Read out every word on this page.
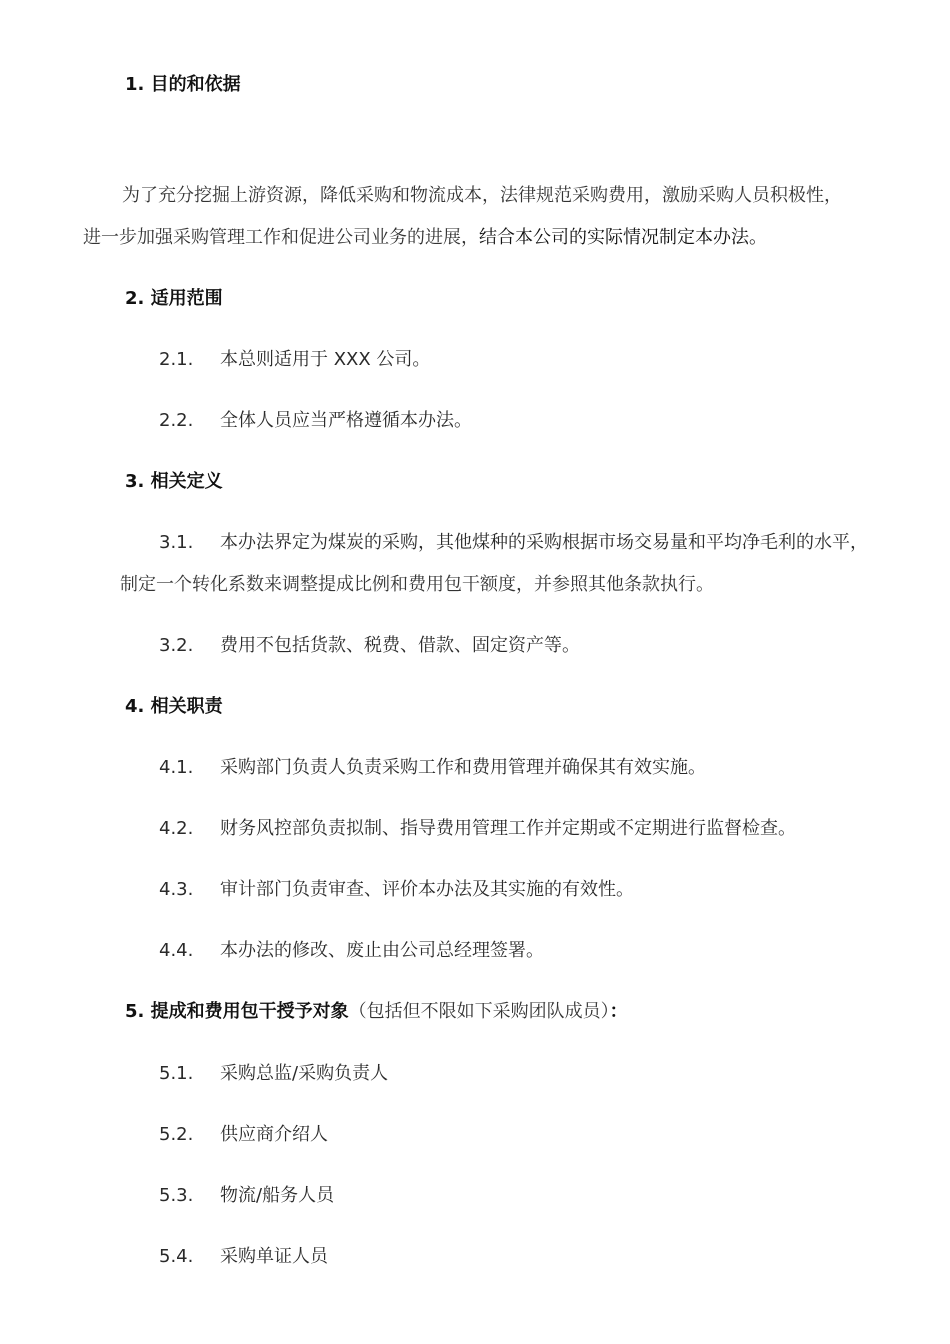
1. 目的和依据
为了充分挖掘上游资源，降低采购和物流成本，法律规范采购费用，激励采购人员积极性，
进一步加强采购管理工作和促进公司业务的进展，结合本公司的实际情况制定本办法。
2. 适用范围
2.1. 本总则适用于 XXX 公司。
2.2. 全体人员应当严格遵循本办法。
3. 相关定义
3.1. 本办法界定为煤炭的采购，其他煤种的采购根据市场交易量和平均净毛利的水平，
制定一个转化系数来调整提成比例和费用包干额度，并参照其他条款执行。
3.2. 费用不包括货款、税费、借款、固定资产等。
4. 相关职责
4.1. 采购部门负责人负责采购工作和费用管理并确保其有效实施。
4.2. 财务风控部负责拟制、指导费用管理工作并定期或不定期进行监督检查。
4.3. 审计部门负责审查、评价本办法及其实施的有效性。
4.4. 本办法的修改、废止由公司总经理签署。
5. 提成和费用包干授予对象（包括但不限如下采购团队成员）：
5.1. 采购总监/采购负责人
5.2. 供应商介绍人
5.3. 物流/船务人员
5.4. 采购单证人员
